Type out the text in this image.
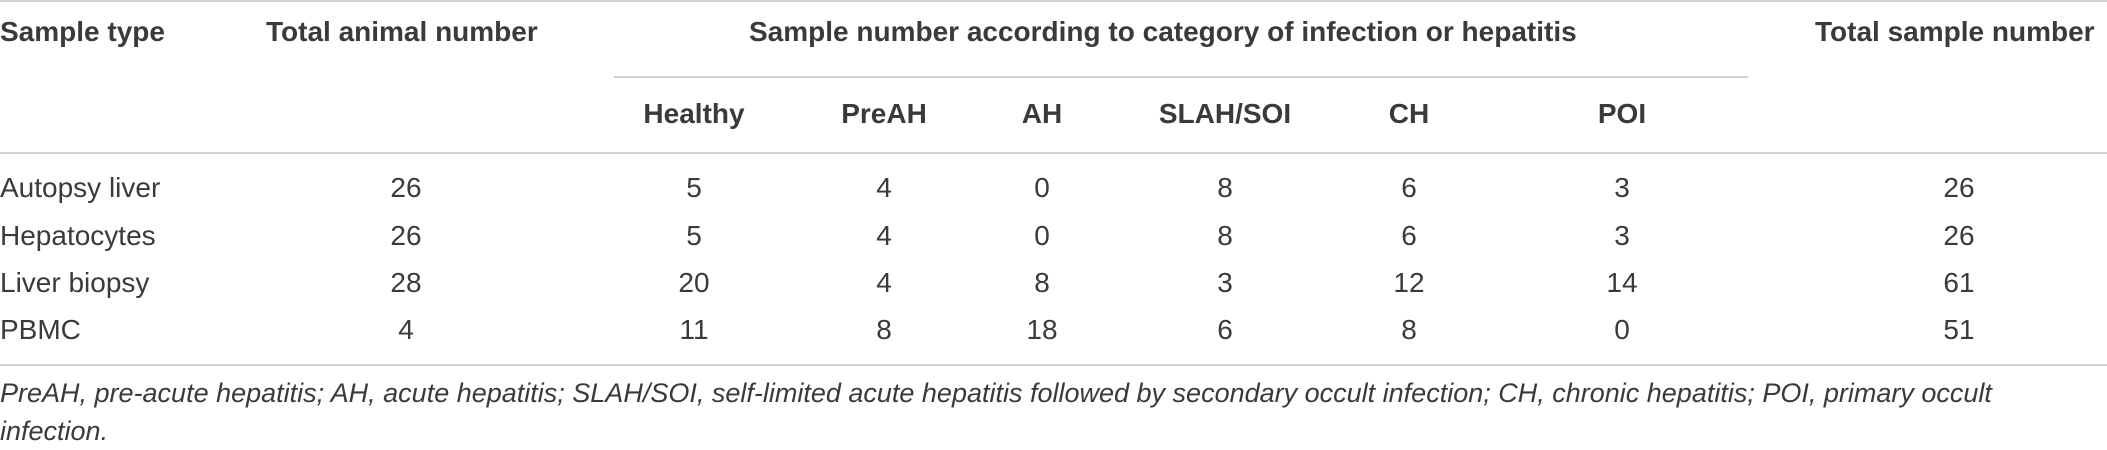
Sample type	Total animal number	Sample number according to category of infection or hepatitis	Total sample number
Healthy	PreAH	AH	SLAH/SOI	CH	POI
Autopsy liver	26	5	4	0	8	6	3	26
Hepatocytes	26	5	4	0	8	6	3	26
Liver biopsy	28	20	4	8	3	12	14	61
PBMC	4	11	8	18	6	8	0	51
PreAH, pre-acute hepatitis; AH, acute hepatitis; SLAH/SOI, self-limited acute hepatitis followed by secondary occult infection; CH, chronic hepatitis; POI, primary occult infection.
